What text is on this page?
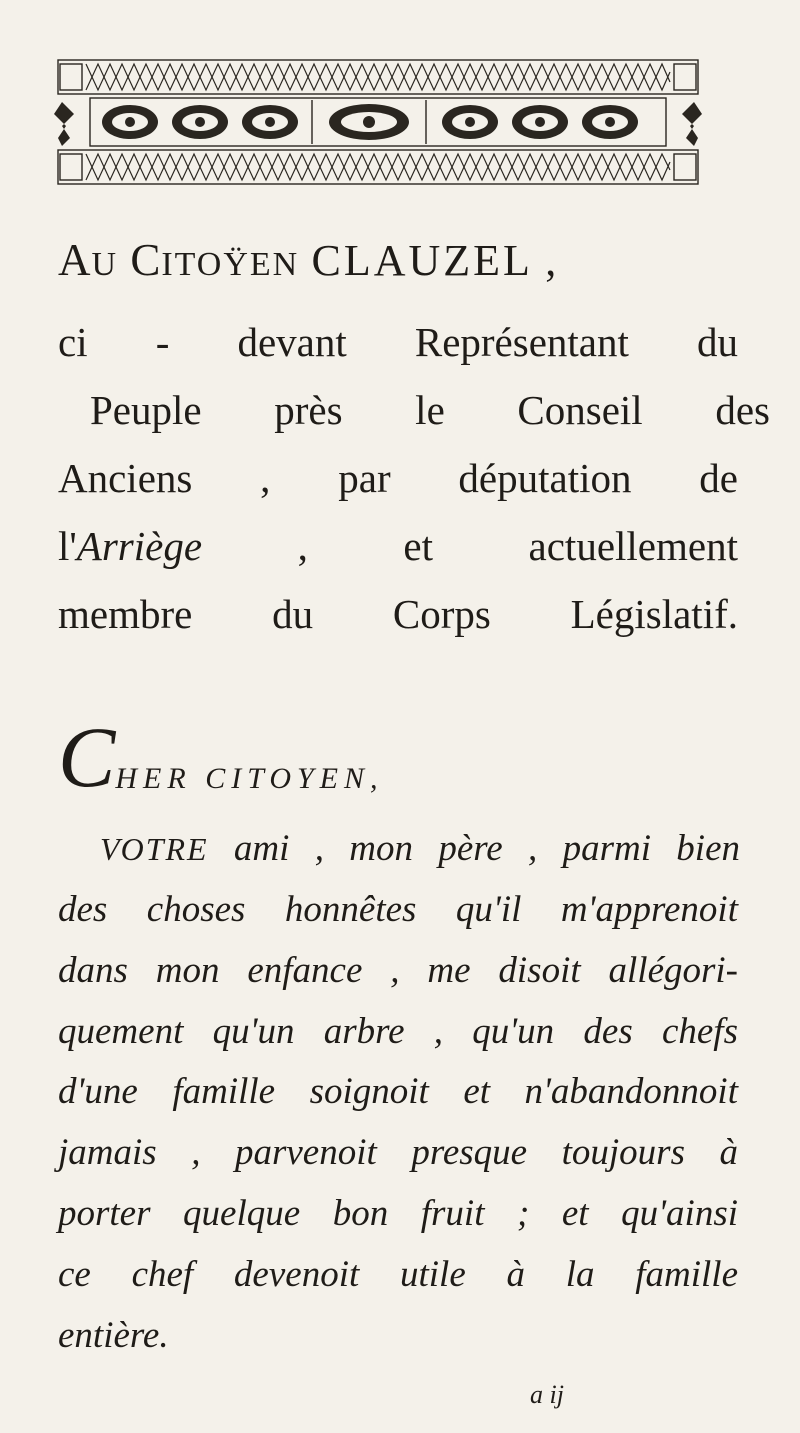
AU CITOŸEN CLAUZEL ,
ci - devant Représentant du
Peuple près le Conseil des
Anciens , par députation de
l'Arriège , et actuellement
membre du Corps Législatif.
CHER CITOYEN,
VOTRE ami , mon père , parmi bien
des choses honnêtes qu'il m'apprenoit
dans mon enfance , me disoit allégori-
quement qu'un arbre , qu'un des chefs
d'une famille soignoit et n'abandonnoit
jamais , parvenoit presque toujours à
porter quelque bon fruit ; et qu'ainsi
ce chef devenoit utile à la famille
entière.
a ij
